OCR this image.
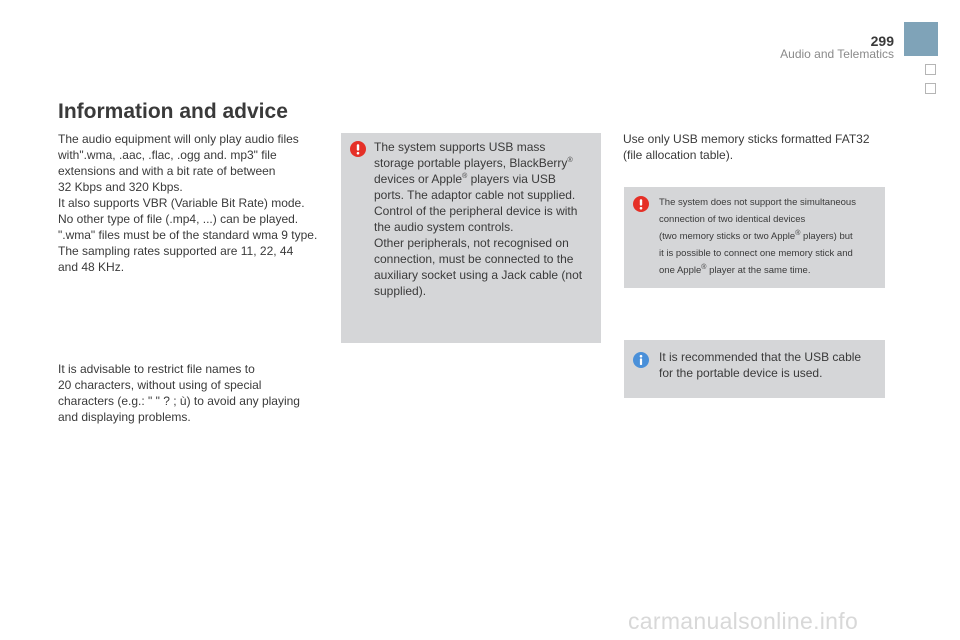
299
Audio and Telematics
Information and advice
The audio equipment will only play audio files
with".wma, .aac, .flac, .ogg and. mp3" file
extensions and with a bit rate of between
32 Kbps and 320 Kbps.
It also supports VBR (Variable Bit Rate) mode.
No other type of file (.mp4, ...) can be played.
".wma" files must be of the standard wma 9 type.
The sampling rates supported are 11, 22, 44
and 48 KHz.
It is advisable to restrict file names to
20 characters, without using of special
characters (e.g.: " " ? ; ù) to avoid any playing
and displaying problems.
The system supports USB mass
storage portable players, BlackBerry®
devices or Apple® players via USB
ports. The adaptor cable not supplied.
Control of the peripheral device is with
the audio system controls.
Other peripherals, not recognised on
connection, must be connected to the
auxiliary socket using a Jack cable (not
supplied).
Use only USB memory sticks formatted FAT32
(file allocation table).
The system does not support the simultaneous
connection of two identical devices
(two memory sticks or two Apple® players) but
it is possible to connect one memory stick and
one Apple® player at the same time.
It is recommended that the USB cable
for the portable device is used.
carmanualsonline.info
